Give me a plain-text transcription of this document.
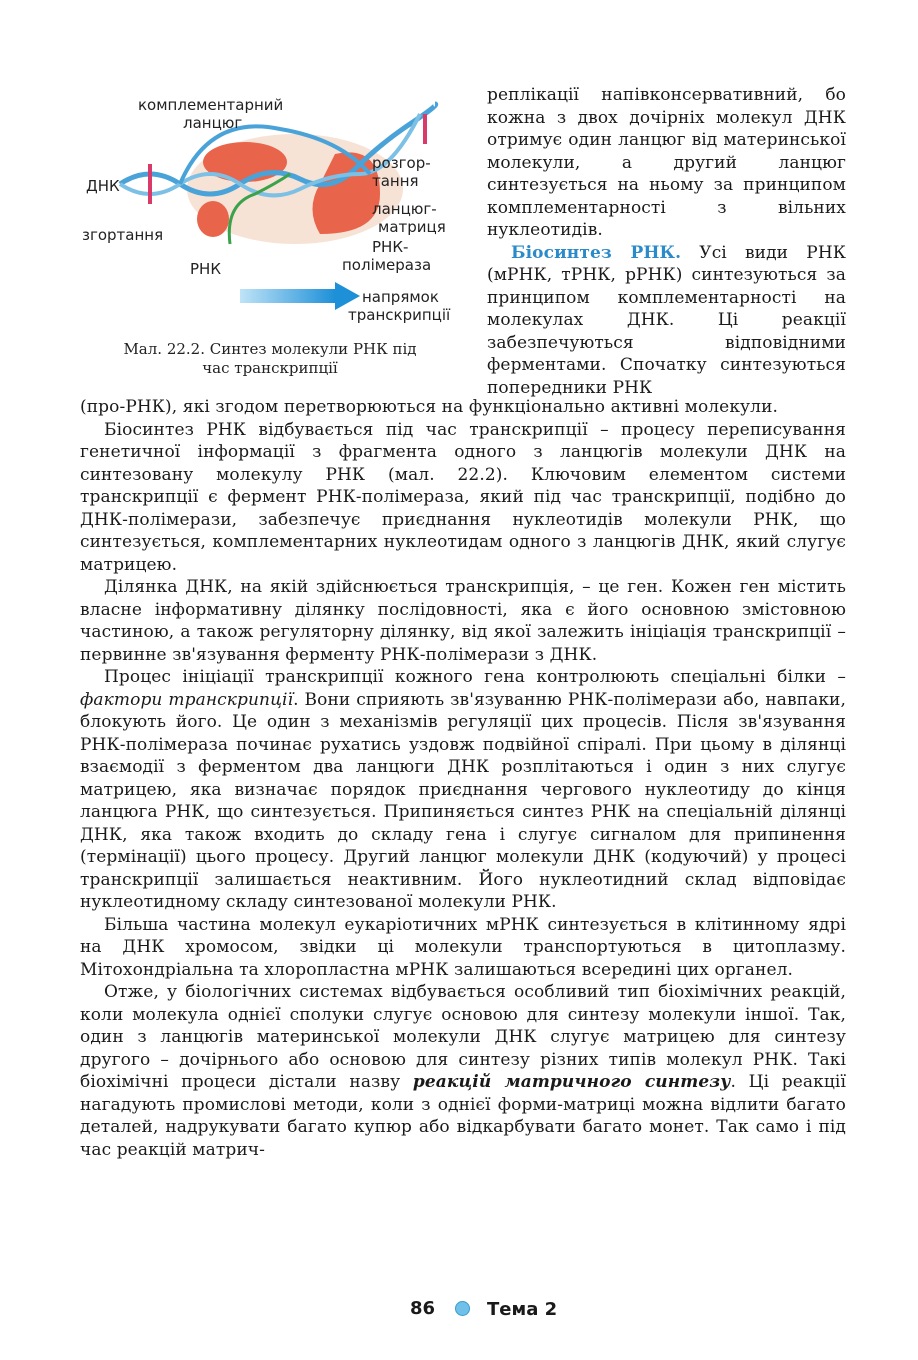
комплементарний
ланцюг
ДНК
розгор-
тання
ланцюг-
матриця
РНК-
полімераза
згортання
РНК
напрямок
транскрипції
Мал. 22.2. Синтез молекули РНК під
час транскрипції

реплікації напівконсервативний, бо кожна з двох дочірніх молекул ДНК отримує один ланцюг від материнської молекули, а другий ланцюг синтезується на ньому за принципом комплементарності з вільних нуклеотидів.

Біосинтез РНК. Усі види РНК (мРНК, тРНК, рРНК) синтезуються за принципом комплементарності на молекулах ДНК. Ці реакції забезпечуються відповідними ферментами. Спочатку синтезуються попередники РНК

(про-РНК), які згодом перетворюються на функціонально активні молекули.

Біосинтез РНК відбувається під час транскрипції – процесу переписування генетичної інформації з фрагмента одного з ланцюгів молекули ДНК на синтезовану молекулу РНК (мал. 22.2). Ключовим елементом системи транскрипції є фермент РНК-полімераза, який під час транскрипції, подібно до ДНК-полімерази, забезпечує приєднання нуклеотидів молекули РНК, що синтезується, комплементарних нуклеотидам одного з ланцюгів ДНК, який слугує матрицею.

Ділянка ДНК, на якій здійснюється транскрипція, – це ген. Кожен ген містить власне інформативну ділянку послідовності, яка є його основною змістовною частиною, а також регуляторну ділянку, від якої залежить ініціація транскрипції – первинне зв'язування ферменту РНК-полімерази з ДНК.

Процес ініціації транскрипції кожного гена контролюють спеціальні білки – фактори транскрипції. Вони сприяють зв'язуванню РНК-полімерази або, навпаки, блокують його. Це один з механізмів регуляції цих процесів. Після зв'язування РНК-полімераза починає рухатись уздовж подвійної спіралі. При цьому в ділянці взаємодії з ферментом два ланцюги ДНК розплітаються і один з них слугує матрицею, яка визначає порядок приєднання чергового нуклеотиду до кінця ланцюга РНК, що синтезується. Припиняється синтез РНК на спеціальній ділянці ДНК, яка також входить до складу гена і слугує сигналом для припинення (термінації) цього процесу. Другий ланцюг молекули ДНК (кодуючий) у процесі транскрипції залишається неактивним. Його нуклеотидний склад відповідає нуклеотидному складу синтезованої молекули РНК.

Більша частина молекул еукаріотичних мРНК синтезується в клітинному ядрі на ДНК хромосом, звідки ці молекули транспортуються в цитоплазму. Мітохондріальна та хлоропластна мРНК залишаються всередині цих органел.

Отже, у біологічних системах відбувається особливий тип біохімічних реакцій, коли молекула однієї сполуки слугує основою для синтезу молекули іншої. Так, один з ланцюгів материнської молекули ДНК слугує матрицею для синтезу другого – дочірнього або основою для синтезу різних типів молекул РНК. Такі біохімічні процеси дістали назву реакцій матричного синтезу. Ці реакції нагадують промислові методи, коли з однієї форми-матриці можна відлити багато деталей, надрукувати багато купюр або відкарбувати багато монет. Так само і під час реакцій матрич-

86	Тема 2
